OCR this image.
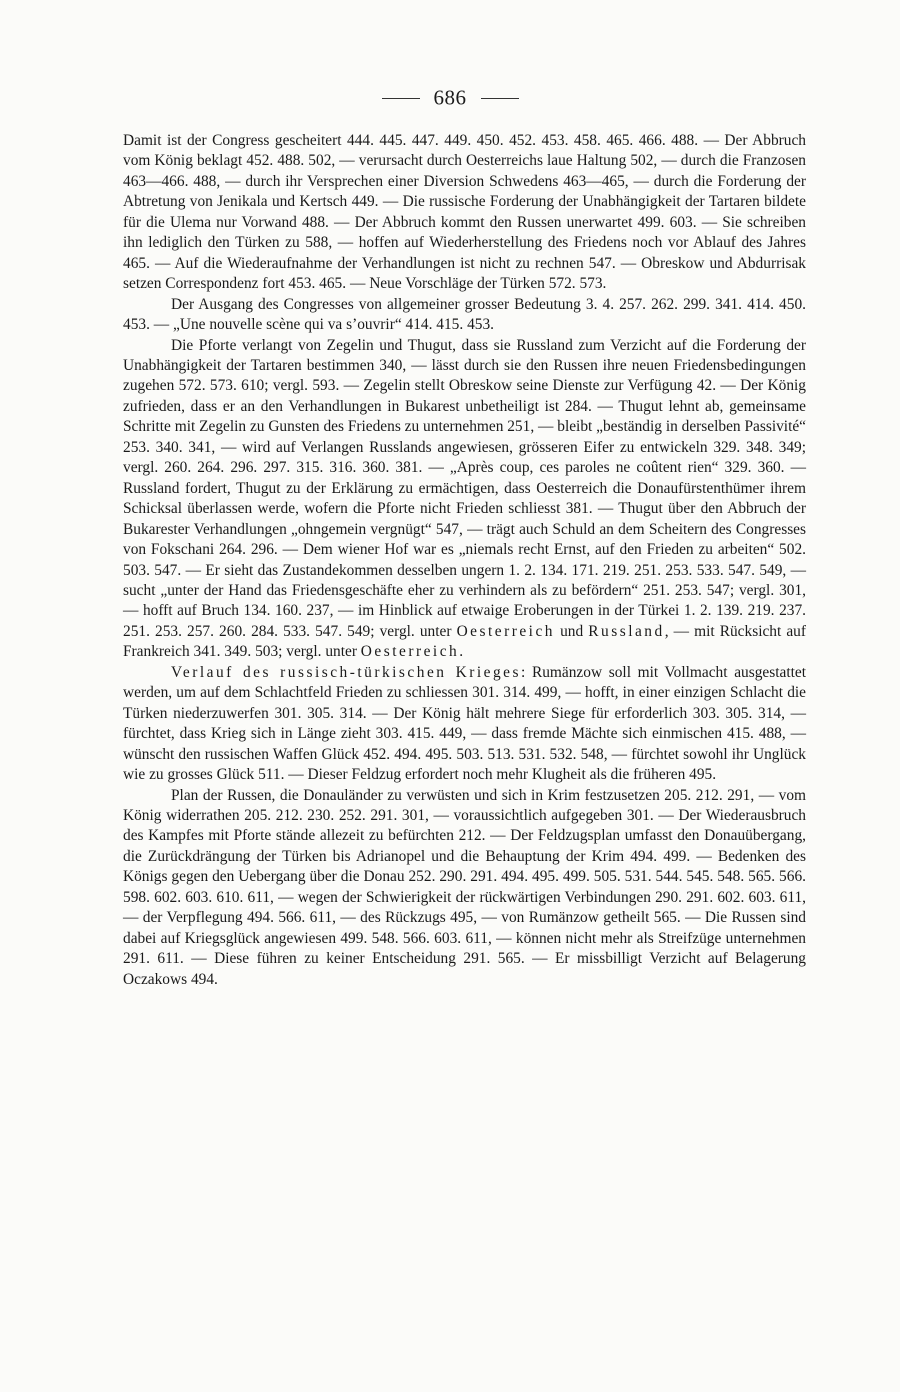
686

Damit ist der Congress gescheitert 444. 445. 447. 449. 450. 452. 453. 458. 465. 466. 488. — Der Abbruch vom König beklagt 452. 488. 502, — verursacht durch Oesterreichs laue Haltung 502, — durch die Franzosen 463—466. 488, — durch ihr Versprechen einer Diversion Schwedens 463—465, — durch die Forderung der Abtretung von Jenikala und Kertsch 449. — Die russische Forderung der Unabhängigkeit der Tartaren bildete für die Ulema nur Vorwand 488. — Der Abbruch kommt den Russen unerwartet 499. 603. — Sie schreiben ihn lediglich den Türken zu 588, — hoffen auf Wiederherstellung des Friedens noch vor Ablauf des Jahres 465. — Auf die Wiederaufnahme der Verhandlungen ist nicht zu rechnen 547. — Obreskow und Abdurrisak setzen Correspondenz fort 453. 465. — Neue Vorschläge der Türken 572. 573.

Der Ausgang des Congresses von allgemeiner grosser Bedeutung 3. 4. 257. 262. 299. 341. 414. 450. 453. — „Une nouvelle scène qui va s’ouvrir“ 414. 415. 453.

Die Pforte verlangt von Zegelin und Thugut, dass sie Russland zum Verzicht auf die Forderung der Unabhängigkeit der Tartaren bestimmen 340, — lässt durch sie den Russen ihre neuen Friedensbedingungen zugehen 572. 573. 610; vergl. 593. — Zegelin stellt Obreskow seine Dienste zur Verfügung 42. — Der König zufrieden, dass er an den Verhandlungen in Bukarest unbetheiligt ist 284. — Thugut lehnt ab, gemeinsame Schritte mit Zegelin zu Gunsten des Friedens zu unternehmen 251, — bleibt „beständig in derselben Passivité“ 253. 340. 341, — wird auf Verlangen Russlands angewiesen, grösseren Eifer zu entwickeln 329. 348. 349; vergl. 260. 264. 296. 297. 315. 316. 360. 381. — „Après coup, ces paroles ne coûtent rien“ 329. 360. — Russland fordert, Thugut zu der Erklärung zu ermächtigen, dass Oesterreich die Donaufürstenthümer ihrem Schicksal überlassen werde, wofern die Pforte nicht Frieden schliesst 381. — Thugut über den Abbruch der Bukarester Verhandlungen „ohngemein vergnügt“ 547, — trägt auch Schuld an dem Scheitern des Congresses von Fokschani 264. 296. — Dem wiener Hof war es „niemals recht Ernst, auf den Frieden zu arbeiten“ 502. 503. 547. — Er sieht das Zustandekommen desselben ungern 1. 2. 134. 171. 219. 251. 253. 533. 547. 549, — sucht „unter der Hand das Friedensgeschäfte eher zu verhindern als zu befördern“ 251. 253. 547; vergl. 301, — hofft auf Bruch 134. 160. 237, — im Hinblick auf etwaige Eroberungen in der Türkei 1. 2. 139. 219. 237. 251. 253. 257. 260. 284. 533. 547. 549; vergl. unter Oesterreich und Russland, — mit Rücksicht auf Frankreich 341. 349. 503; vergl. unter Oesterreich.

Verlauf des russisch-türkischen Krieges: Rumänzow soll mit Vollmacht ausgestattet werden, um auf dem Schlachtfeld Frieden zu schliessen 301. 314. 499, — hofft, in einer einzigen Schlacht die Türken niederzuwerfen 301. 305. 314. — Der König hält mehrere Siege für erforderlich 303. 305. 314, — fürchtet, dass Krieg sich in Länge zieht 303. 415. 449, — dass fremde Mächte sich einmischen 415. 488, — wünscht den russischen Waffen Glück 452. 494. 495. 503. 513. 531. 532. 548, — fürchtet sowohl ihr Unglück wie zu grosses Glück 511. — Dieser Feldzug erfordert noch mehr Klugheit als die früheren 495.

Plan der Russen, die Donauländer zu verwüsten und sich in Krim festzusetzen 205. 212. 291, — vom König widerrathen 205. 212. 230. 252. 291. 301, — voraussichtlich aufgegeben 301. — Der Wiederausbruch des Kampfes mit Pforte stände allezeit zu befürchten 212. — Der Feldzugsplan umfasst den Donauübergang, die Zurückdrängung der Türken bis Adrianopel und die Behauptung der Krim 494. 499. — Bedenken des Königs gegen den Uebergang über die Donau 252. 290. 291. 494. 495. 499. 505. 531. 544. 545. 548. 565. 566. 598. 602. 603. 610. 611, — wegen der Schwierigkeit der rückwärtigen Verbindungen 290. 291. 602. 603. 611, — der Verpflegung 494. 566. 611, — des Rückzugs 495, — von Rumänzow getheilt 565. — Die Russen sind dabei auf Kriegsglück angewiesen 499. 548. 566. 603. 611, — können nicht mehr als Streifzüge unternehmen 291. 611. — Diese führen zu keiner Entscheidung 291. 565. — Er missbilligt Verzicht auf Belagerung Oczakows 494.
